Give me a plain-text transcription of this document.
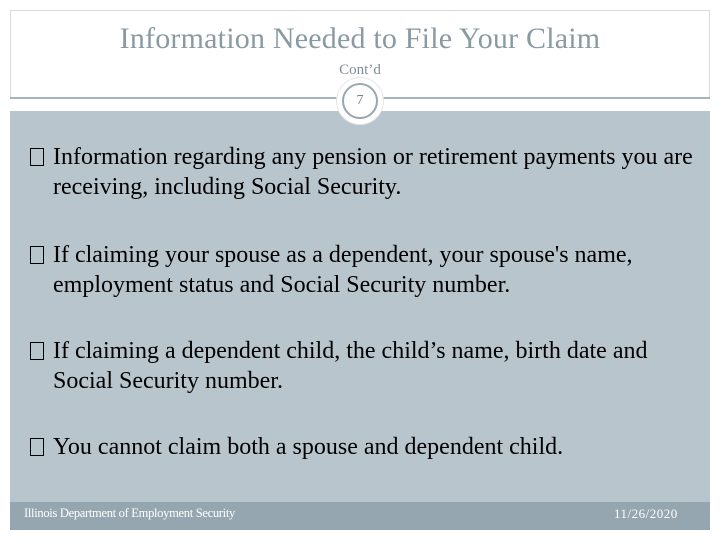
Information Needed to File Your Claim
Cont’d
7
Information regarding any pension or retirement payments you are receiving, including Social Security.
If claiming your spouse as a dependent, your spouse's name, employment status and Social Security number.
If claiming a dependent child, the child’s name, birth date and Social Security number.
You cannot claim both a spouse and dependent child.
Illinois Department of Employment Security	11/26/2020
